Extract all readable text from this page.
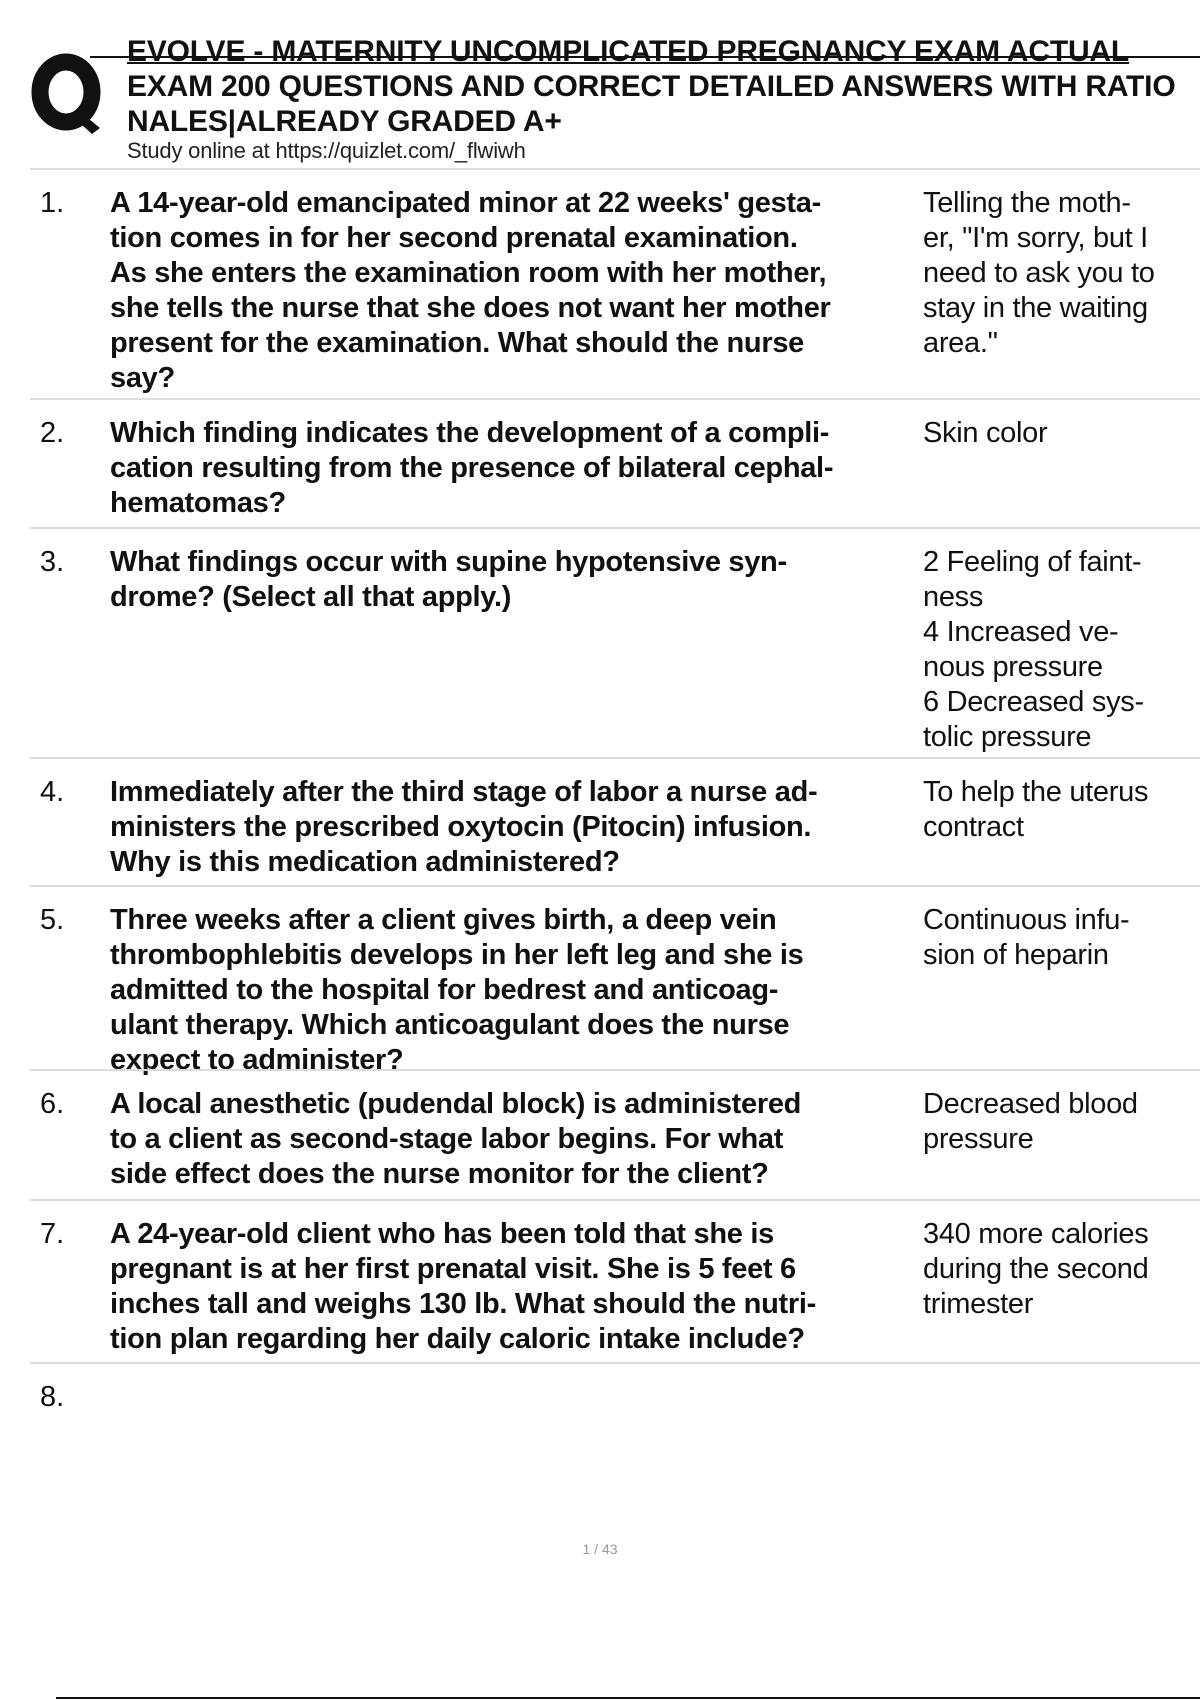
EVOLVE - MATERNITY UNCOMPLICATED PREGNANCY EXAM ACTUAL
EXAM 200 QUESTIONS AND CORRECT DETAILED ANSWERS WITH RATIO
NALES|ALREADY GRADED A+
Study online at https://quizlet.com/_flwiwh
1. A 14-year-old emancipated minor at 22 weeks' gesta-
tion comes in for her second prenatal examination.
As she enters the examination room with her mother,
she tells the nurse that she does not want her mother
present for the examination. What should the nurse
say?
Telling the moth-
er, "I'm sorry, but I
need to ask you to
stay in the waiting
area."
2. Which finding indicates the development of a compli-
cation resulting from the presence of bilateral cephal-
hematomas?
Skin color
3. What findings occur with supine hypotensive syn-
drome? (Select all that apply.)
2 Feeling of faint-
ness
4 Increased ve-
nous pressure
6 Decreased sys-
tolic pressure
4. Immediately after the third stage of labor a nurse ad-
ministers the prescribed oxytocin (Pitocin) infusion.
Why is this medication administered?
To help the uterus
contract
5. Three weeks after a client gives birth, a deep vein
thrombophlebitis develops in her left leg and she is
admitted to the hospital for bedrest and anticoag-
ulant therapy. Which anticoagulant does the nurse
expect to administer?
Continuous infu-
sion of heparin
6. A local anesthetic (pudendal block) is administered
to a client as second-stage labor begins. For what
side effect does the nurse monitor for the client?
Decreased blood
pressure
7. A 24-year-old client who has been told that she is
pregnant is at her first prenatal visit. She is 5 feet 6
inches tall and weighs 130 lb. What should the nutri-
tion plan regarding her daily caloric intake include?
340 more calories
during the second
trimester
8.
1 / 43
